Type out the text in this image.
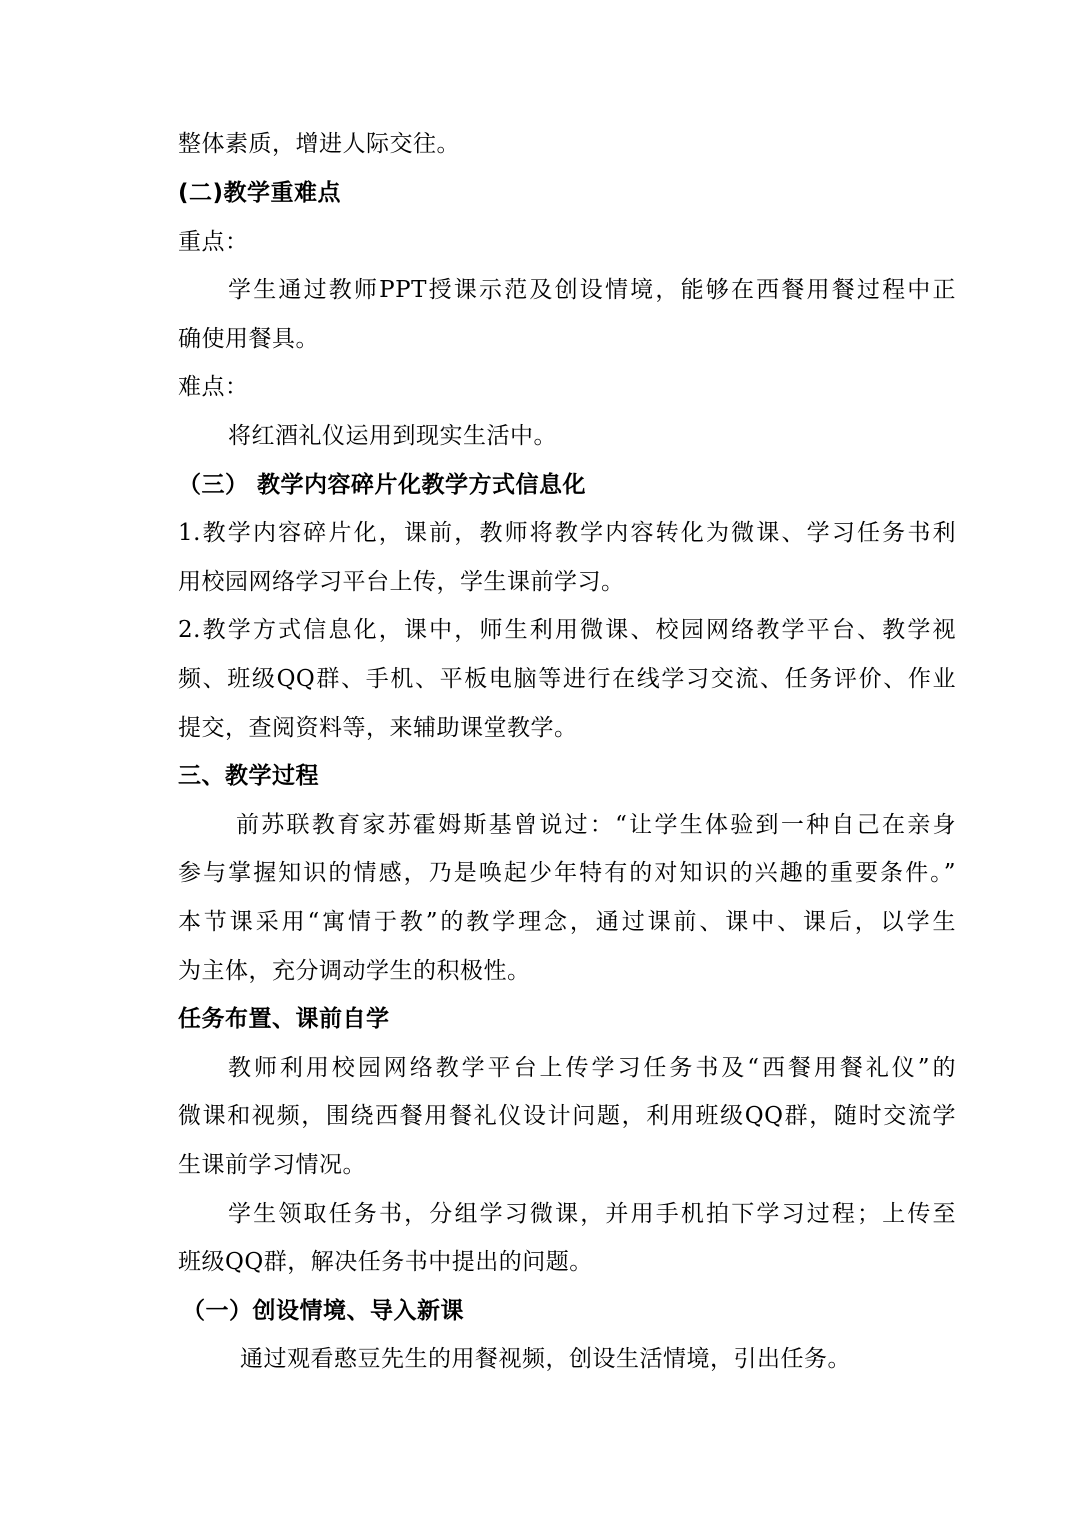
整体素质，增进人际交往。
(二)教学重难点
重点：
学生通过教师PPT授课示范及创设情境，能够在西餐用餐过程中正
确使用餐具。
难点：
将红酒礼仪运用到现实生活中。
（三） 教学内容碎片化教学方式信息化
1.教学内容碎片化，课前，教师将教学内容转化为微课、学习任务书利
用校园网络学习平台上传，学生课前学习。
2.教学方式信息化，课中，师生利用微课、校园网络教学平台、教学视
频、班级QQ群、手机、平板电脑等进行在线学习交流、任务评价、作业
提交，查阅资料等，来辅助课堂教学。
三、教学过程
前苏联教育家苏霍姆斯基曾说过：“让学生体验到一种自己在亲身
参与掌握知识的情感，乃是唤起少年特有的对知识的兴趣的重要条件。”
本节课采用“寓情于教”的教学理念，通过课前、课中、课后，以学生
为主体，充分调动学生的积极性。
任务布置、课前自学
教师利用校园网络教学平台上传学习任务书及“西餐用餐礼仪”的
微课和视频，围绕西餐用餐礼仪设计问题，利用班级QQ群，随时交流学
生课前学习情况。
学生领取任务书，分组学习微课，并用手机拍下学习过程；上传至
班级QQ群，解决任务书中提出的问题。
（一）创设情境、导入新课
通过观看憨豆先生的用餐视频，创设生活情境，引出任务。
